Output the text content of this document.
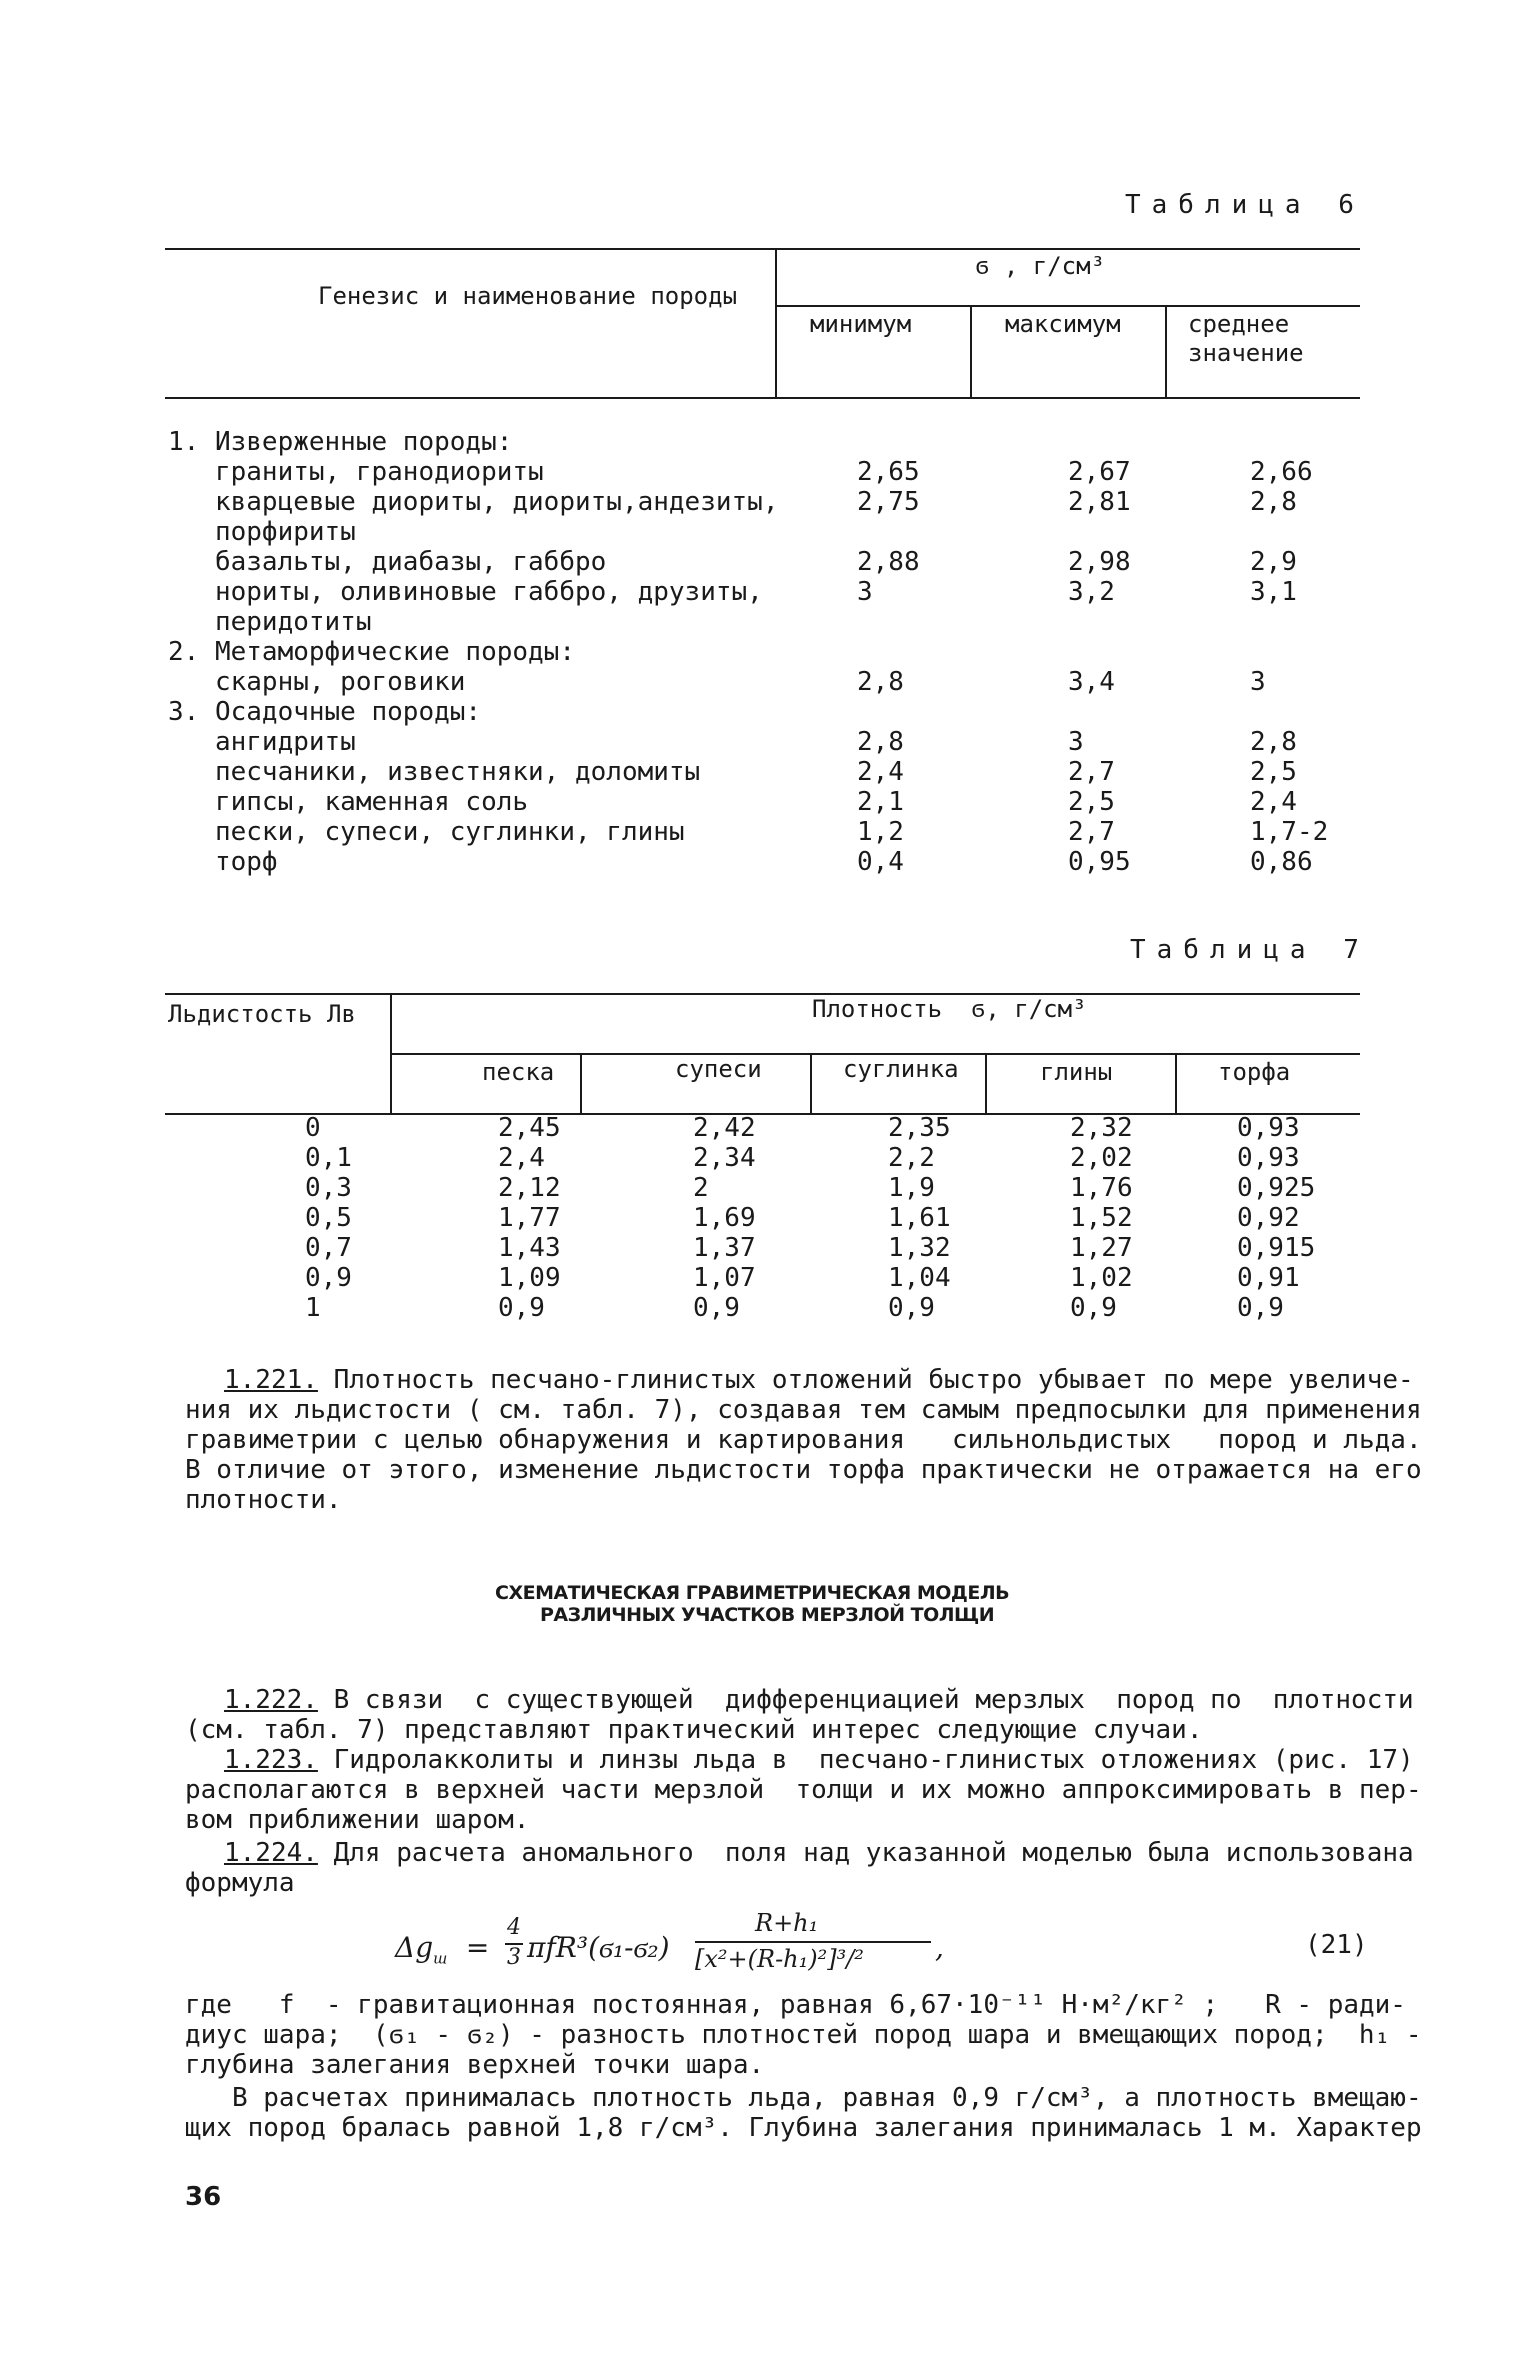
Таблица 6
Генезис и наименование породы
ϭ , г/см³
минимум	максимум	среднее
значение
1. Изверженные породы:
граниты, гранодиориты	2,65	2,67	2,66
кварцевые диориты, диориты,андезиты,	2,75	2,81	2,8
порфириты
базальты, диабазы, габбро	2,88	2,98	2,9
нориты, оливиновые габбро, друзиты,	3	3,2	3,1
перидотиты
2. Метаморфические породы:
скарны, роговики	2,8	3,4	3
3. Осадочные породы:
ангидриты	2,8	3	2,8
песчаники, известняки, доломиты	2,4	2,7	2,5
гипсы, каменная соль	2,1	2,5	2,4
пески, супеси, суглинки, глины	1,2	2,7	1,7-2
торф	0,4	0,95	0,86
Таблица 7
Льдистость Лв	Плотность  ϭ, г/см³
песка	супеси	суглинка	глины	торфа
0	2,45	2,42	2,35	2,32	0,93
0,1	2,4	2,34	2,2	2,02	0,93
0,3	2,12	2	1,9	1,76	0,925
0,5	1,77	1,69	1,61	1,52	0,92
0,7	1,43	1,37	1,32	1,27	0,915
0,9	1,09	1,07	1,04	1,02	0,91
1	0,9	0,9	0,9	0,9	0,9
1.221. Плотность песчано-глинистых отложений быстро убывает по мере увеличе-
ния их льдистости ( см. табл. 7), создавая тем самым предпосылки для применения
гравиметрии с целью обнаружения и картирования   сильнольдистых   пород и льда.
В отличие от этого, изменение льдистости торфа практически не отражается на его
плотности.
СХЕМАТИЧЕСКАЯ ГРАВИМЕТРИЧЕСКАЯ МОДЕЛЬ
РАЗЛИЧНЫХ УЧАСТКОВ МЕРЗЛОЙ ТОЛЩИ
1.222. В связи  с существующей  дифференциацией мерзлых  пород по  плотности
(см. табл. 7) представляют практический интерес следующие случаи.
1.223. Гидролакколиты и линзы льда в  песчано-глинистых отложениях (рис. 17)
располагаются в верхней части мерзлой  толщи и их можно аппроксимировать в пер-
вом приближении шаром.
1.224. Для расчета аномального  поля над указанной моделью была использована
формула

$\Delta g_ш$

=

4

3

πfR³(ϭ₁-ϭ₂)

R+h₁

[x²+(R-h₁)²]³/²

	,	(21)
где   f  - гравитационная постоянная, равная 6,67·10⁻¹¹ Н·м²/кг² ;   R - ради-
диус шара;  (ϭ₁ - ϭ₂) - разность плотностей пород шара и вмещающих пород;  h₁ -
глубина залегания верхней точки шара.
В расчетах принималась плотность льда, равная 0,9 г/см³, а плотность вмещаю-
щих пород бралась равной 1,8 г/см³. Глубина залегания принималась 1 м. Характер
36
